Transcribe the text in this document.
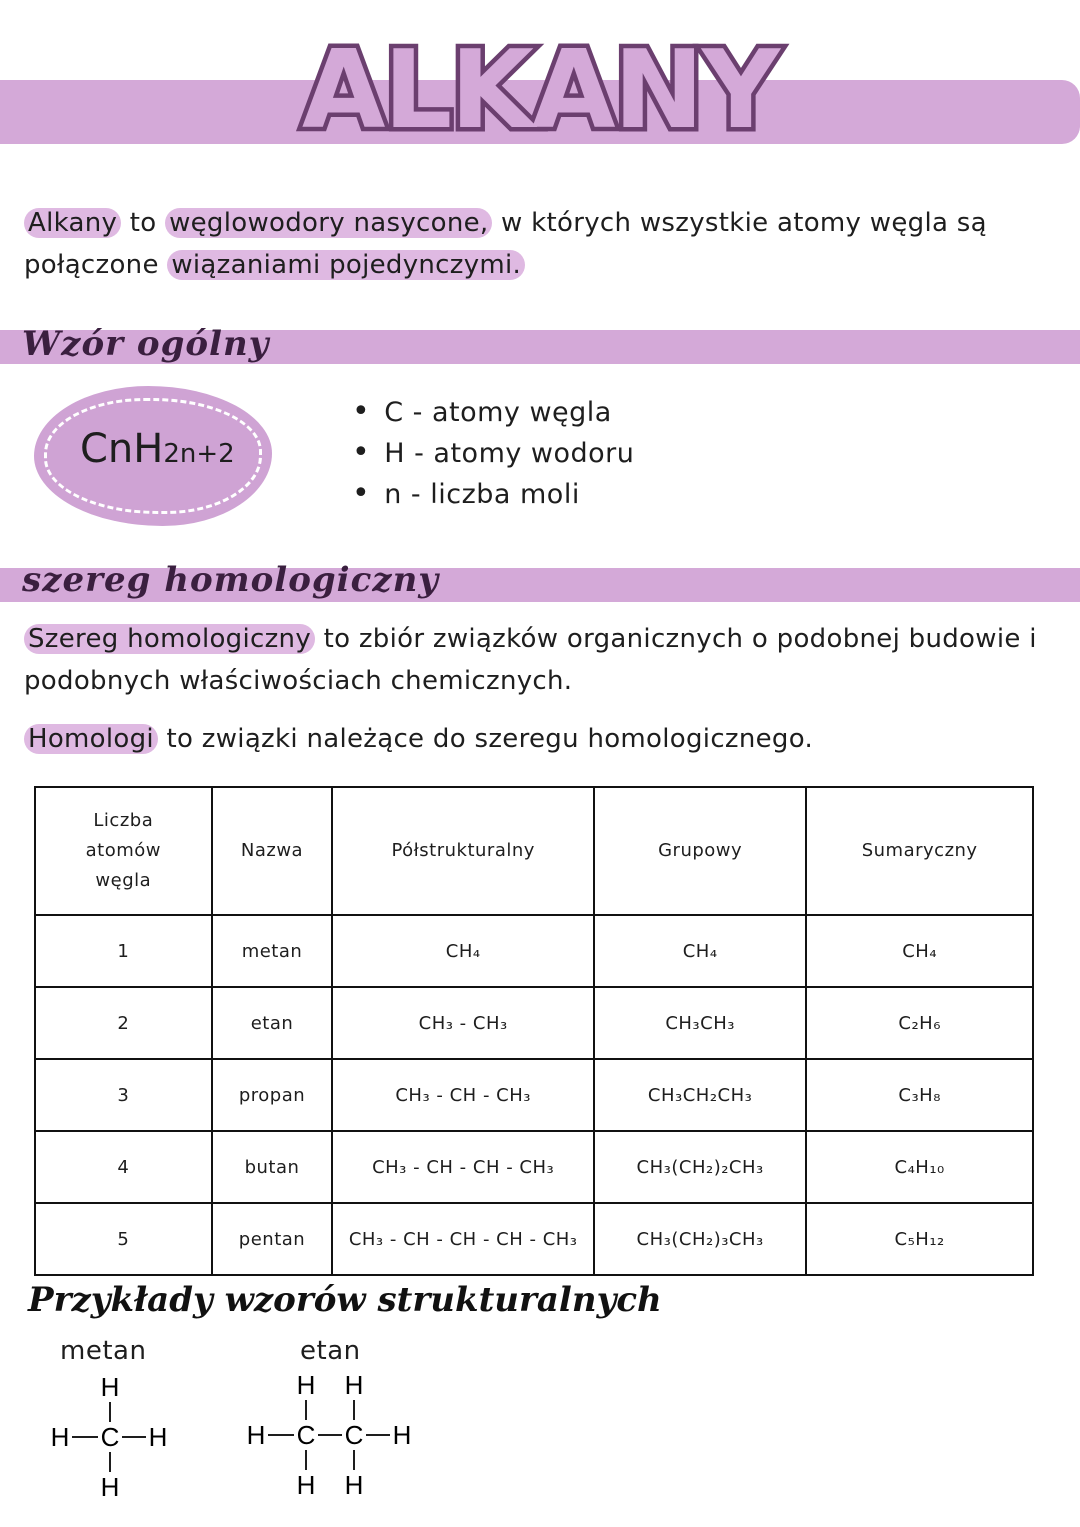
ALKANY
Alkany to węglowodory nasycone, w których wszystkie atomy węgla są połączone wiązaniami pojedynczymi.
Wzór ogólny
CnH2n+2
• C - atomy węgla
• H - atomy wodoru
• n - liczba moli
szereg homologiczny
Szereg homologiczny to zbiór związków organicznych o podobnej budowie i podobnych właściwościach chemicznych.
Homologi to związki należące do szeregu homologicznego.
Liczba atomów węgla	Nazwa	Półstrukturalny	Grupowy	Sumaryczny
1	metan	CH₄	CH₄	CH₄
2	etan	CH₃ - CH₃	CH₃CH₃	C₂H₆
3	propan	CH₃ - CH - CH₃	CH₃CH₂CH₃	C₃H₈
4	butan	CH₃ - CH - CH - CH₃	CH₃(CH₂)₂CH₃	C₄H₁₀
5	pentan	CH₃ - CH - CH - CH - CH₃	CH₃(CH₂)₃CH₃	C₅H₁₂
Przykłady wzorów strukturalnych
metan	etan
H
H C H
H
H H
H C C H
H H
